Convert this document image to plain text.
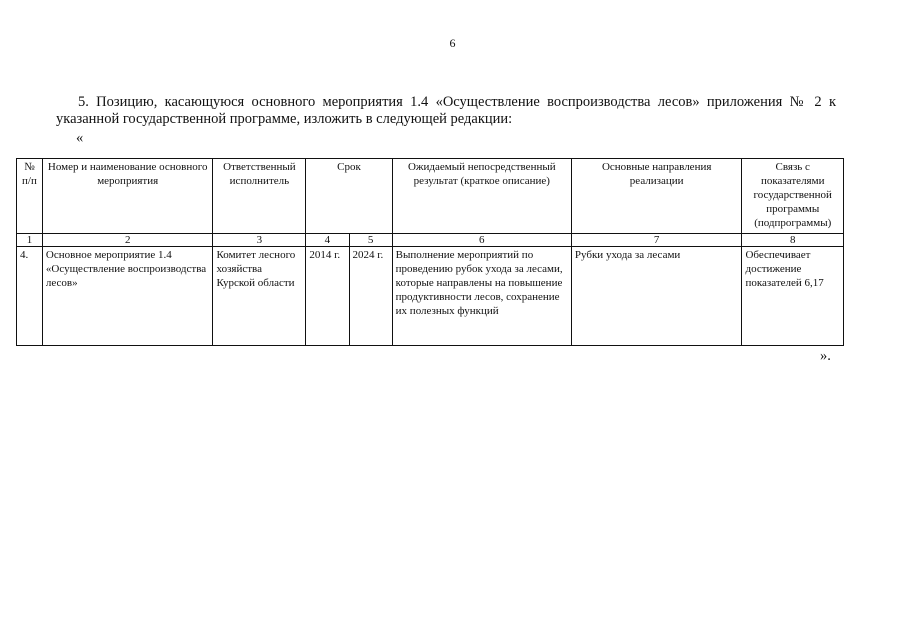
6
5. Позицию, касающуюся основного мероприятия 1.4 «Осуществление воспроизводства лесов» приложения № 2 к указанной государственной программе, изложить в следующей редакции:
«
№ п/п	Номер и наименование основного мероприятия	Ответственный исполнитель	Срок		Ожидаемый непосредственный результат (краткое описание)	Основные направления реализации	Связь с показателями государственной программы (подпрограммы)
1	2	3	4	5	6	7	8
4.	Основное мероприятие 1.4 «Осуществление воспроизводства лесов»	Комитет лесного хозяйства Курской области	2014 г.	2024 г.	Выполнение мероприятий по проведению рубок ухода за лесами, которые направлены на повышение продуктивности лесов, сохранение их полезных функций	Рубки ухода за лесами	Обеспечивает достижение показателей 6,17
».
